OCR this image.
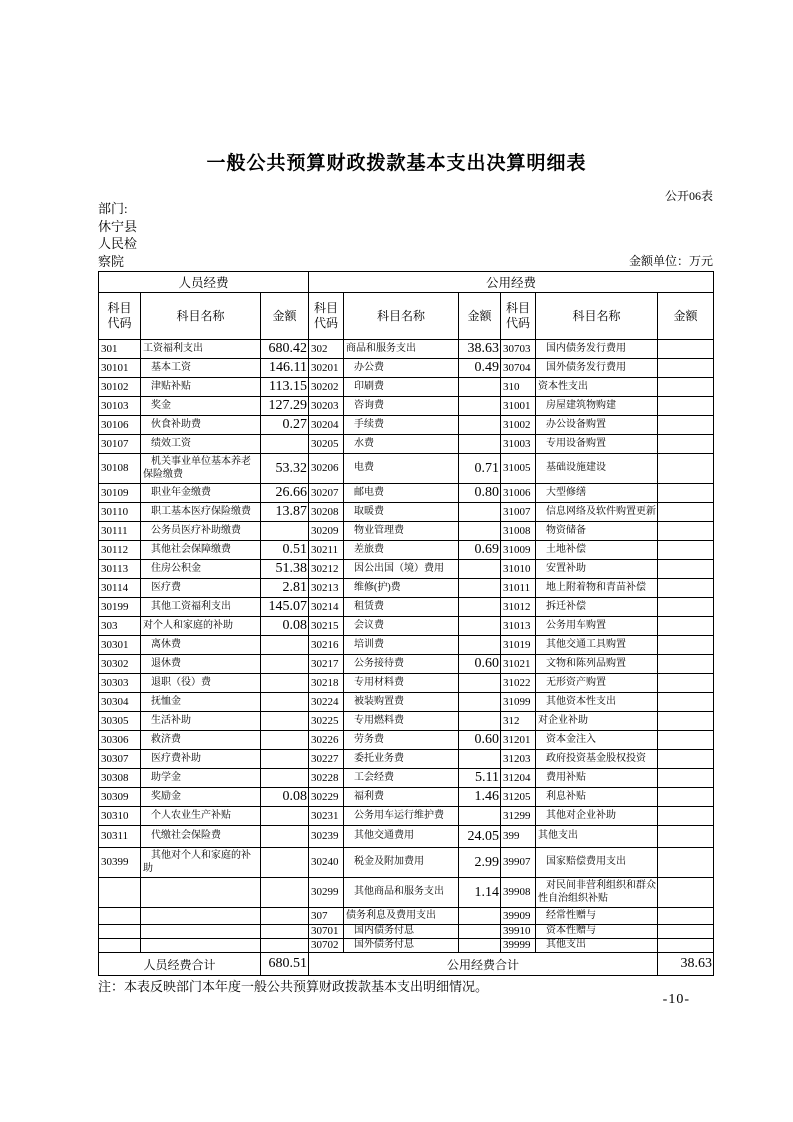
一般公共预算财政拨款基本支出决算明细表
公开06表
部门:
休宁县
人民检
察院	金额单位：万元
人员经费			公用经费					
科目代码	科目名称	金额	科目代码	科目名称	金额	科目代码	科目名称	金额
301	工资福利支出	680.42	302	商品和服务支出	38.63	30703	国内债务发行费用	
30101	基本工资	146.11	30201	办公费	0.49	30704	国外债务发行费用	
30102	津贴补贴	113.15	30202	印刷费		310	资本性支出	
30103	奖金	127.29	30203	咨询费		31001	房屋建筑物购建	
30106	伙食补助费	0.27	30204	手续费		31002	办公设备购置	
30107	绩效工资		30205	水费		31003	专用设备购置	
30108	机关事业单位基本养老保险缴费	53.32	30206	电费	0.71	31005	基础设施建设	
30109	职业年金缴费	26.66	30207	邮电费	0.80	31006	大型修缮	
30110	职工基本医疗保险缴费	13.87	30208	取暖费		31007	信息网络及软件购置更新	
30111	公务员医疗补助缴费		30209	物业管理费		31008	物资储备	
30112	其他社会保障缴费	0.51	30211	差旅费	0.69	31009	土地补偿	
30113	住房公积金	51.38	30212	因公出国（境）费用		31010	安置补助	
30114	医疗费	2.81	30213	维修(护)费		31011	地上附着物和青苗补偿	
30199	其他工资福利支出	145.07	30214	租赁费		31012	拆迁补偿	
303	对个人和家庭的补助	0.08	30215	会议费		31013	公务用车购置	
30301	离休费		30216	培训费		31019	其他交通工具购置	
30302	退休费		30217	公务接待费	0.60	31021	文物和陈列品购置	
30303	退职（役）费		30218	专用材料费		31022	无形资产购置	
30304	抚恤金		30224	被装购置费		31099	其他资本性支出	
30305	生活补助		30225	专用燃料费		312	对企业补助	
30306	救济费		30226	劳务费	0.60	31201	资本金注入	
30307	医疗费补助		30227	委托业务费		31203	政府投资基金股权投资	
30308	助学金		30228	工会经费	5.11	31204	费用补贴	
30309	奖励金	0.08	30229	福利费	1.46	31205	利息补贴	
30310	个人农业生产补贴		30231	公务用车运行维护费		31299	其他对企业补助	
30311	代缴社会保险费		30239	其他交通费用	24.05	399	其他支出	
30399	其他对个人和家庭的补助		30240	税金及附加费用	2.99	39907	国家赔偿费用支出	
			30299	其他商品和服务支出	1.14	39908	对民间非营利组织和群众性自治组织补贴	
			307	债务利息及费用支出		39909	经常性赠与	
			30701	国内债务付息		39910	资本性赠与	
			30702	国外债务付息		39999	其他支出	
人员经费合计		680.51	公用经费合计					38.63
注：本表反映部门本年度一般公共预算财政拨款基本支出明细情况。
-10-
